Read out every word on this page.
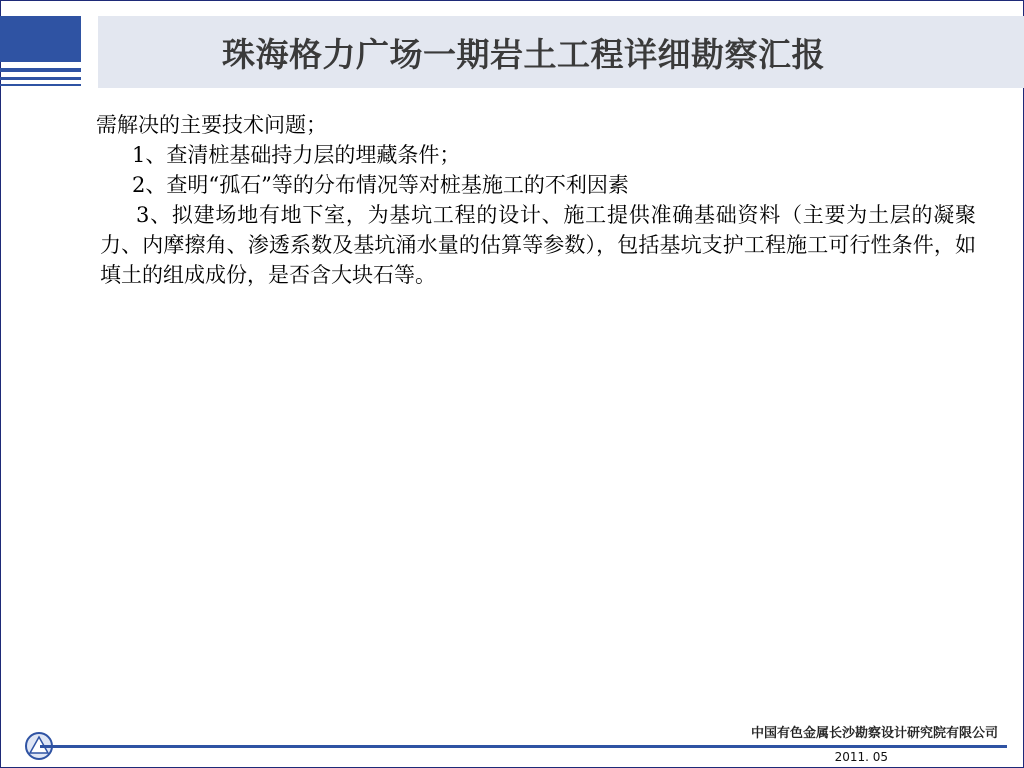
珠海格力广场一期岩土工程详细勘察汇报

需解决的主要技术问题；

1、查清桩基础持力层的埋藏条件；

2、查明“孤石”等的分布情况等对桩基施工的不利因素

3、拟建场地有地下室，为基坑工程的设计、施工提供准确基础资料（主要为土层的凝聚力、内摩擦角、渗透系数及基坑涌水量的估算等参数），包括基坑支护工程施工可行性条件，如填土的组成成份，是否含大块石等。

中国有色金属长沙勘察设计研究院有限公司
2011. 05
